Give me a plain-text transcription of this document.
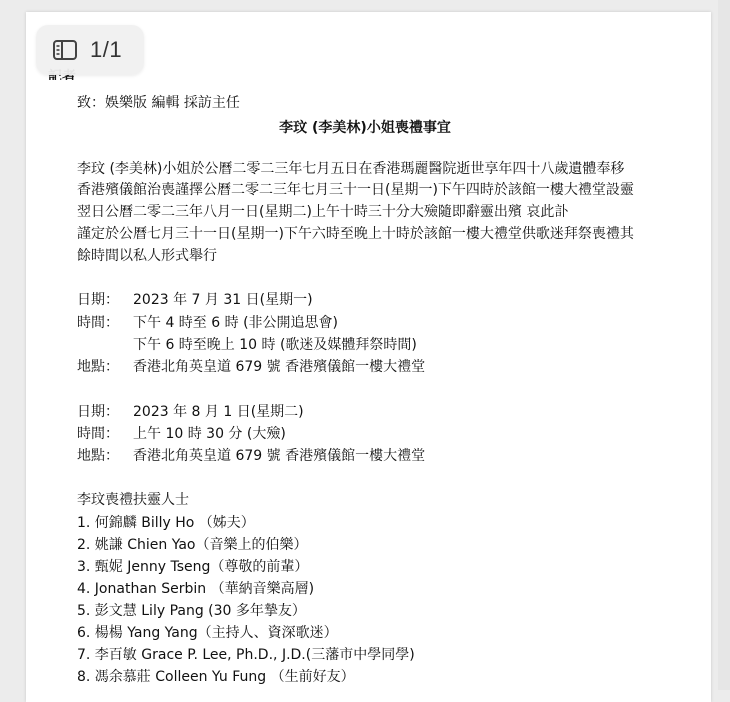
致：娛樂版 編輯 採訪主任
李玟 (李美林)小姐喪禮事宜
李玟 (李美林)小姐於公曆二零二三年七月五日在香港瑪麗醫院逝世享年四十八歲遺體奉移
香港殯儀館治喪謹擇公曆二零二三年七月三十一日(星期一)下午四時於該館一樓大禮堂設靈
翌日公曆二零二三年八月一日(星期二)上午十時三十分大殮隨即辭靈出殯 哀此訃
謹定於公曆七月三十一日(星期一)下午六時至晚上十時於該館一樓大禮堂供歌迷拜祭喪禮其
餘時間以私人形式舉行
日期： 2023 年 7 月 31 日(星期一)
時間： 下午 4 時至 6 時 (非公開追思會)
下午 6 時至晚上 10 時 (歌迷及媒體拜祭時間)
地點： 香港北角英皇道 679 號 香港殯儀館一樓大禮堂
日期： 2023 年 8 月 1 日(星期二)
時間： 上午 10 時 30 分 (大殮)
地點： 香港北角英皇道 679 號 香港殯儀館一樓大禮堂
李玟喪禮扶靈人士
1. 何錦麟 Billy Ho （姊夫）
2. 姚謙 Chien Yao（音樂上的伯樂）
3. 甄妮 Jenny Tseng（尊敬的前輩）
4. Jonathan Serbin （華納音樂高層)
5. 彭文慧 Lily Pang (30 多年摯友）
6. 楊楊 Yang Yang（主持人、資深歌迷）
7. 李百敏 Grace P. Lee, Ph.D., J.D.(三藩市中學同學)
8. 馮余慕莊 Colleen Yu Fung （生前好友）
1/1
